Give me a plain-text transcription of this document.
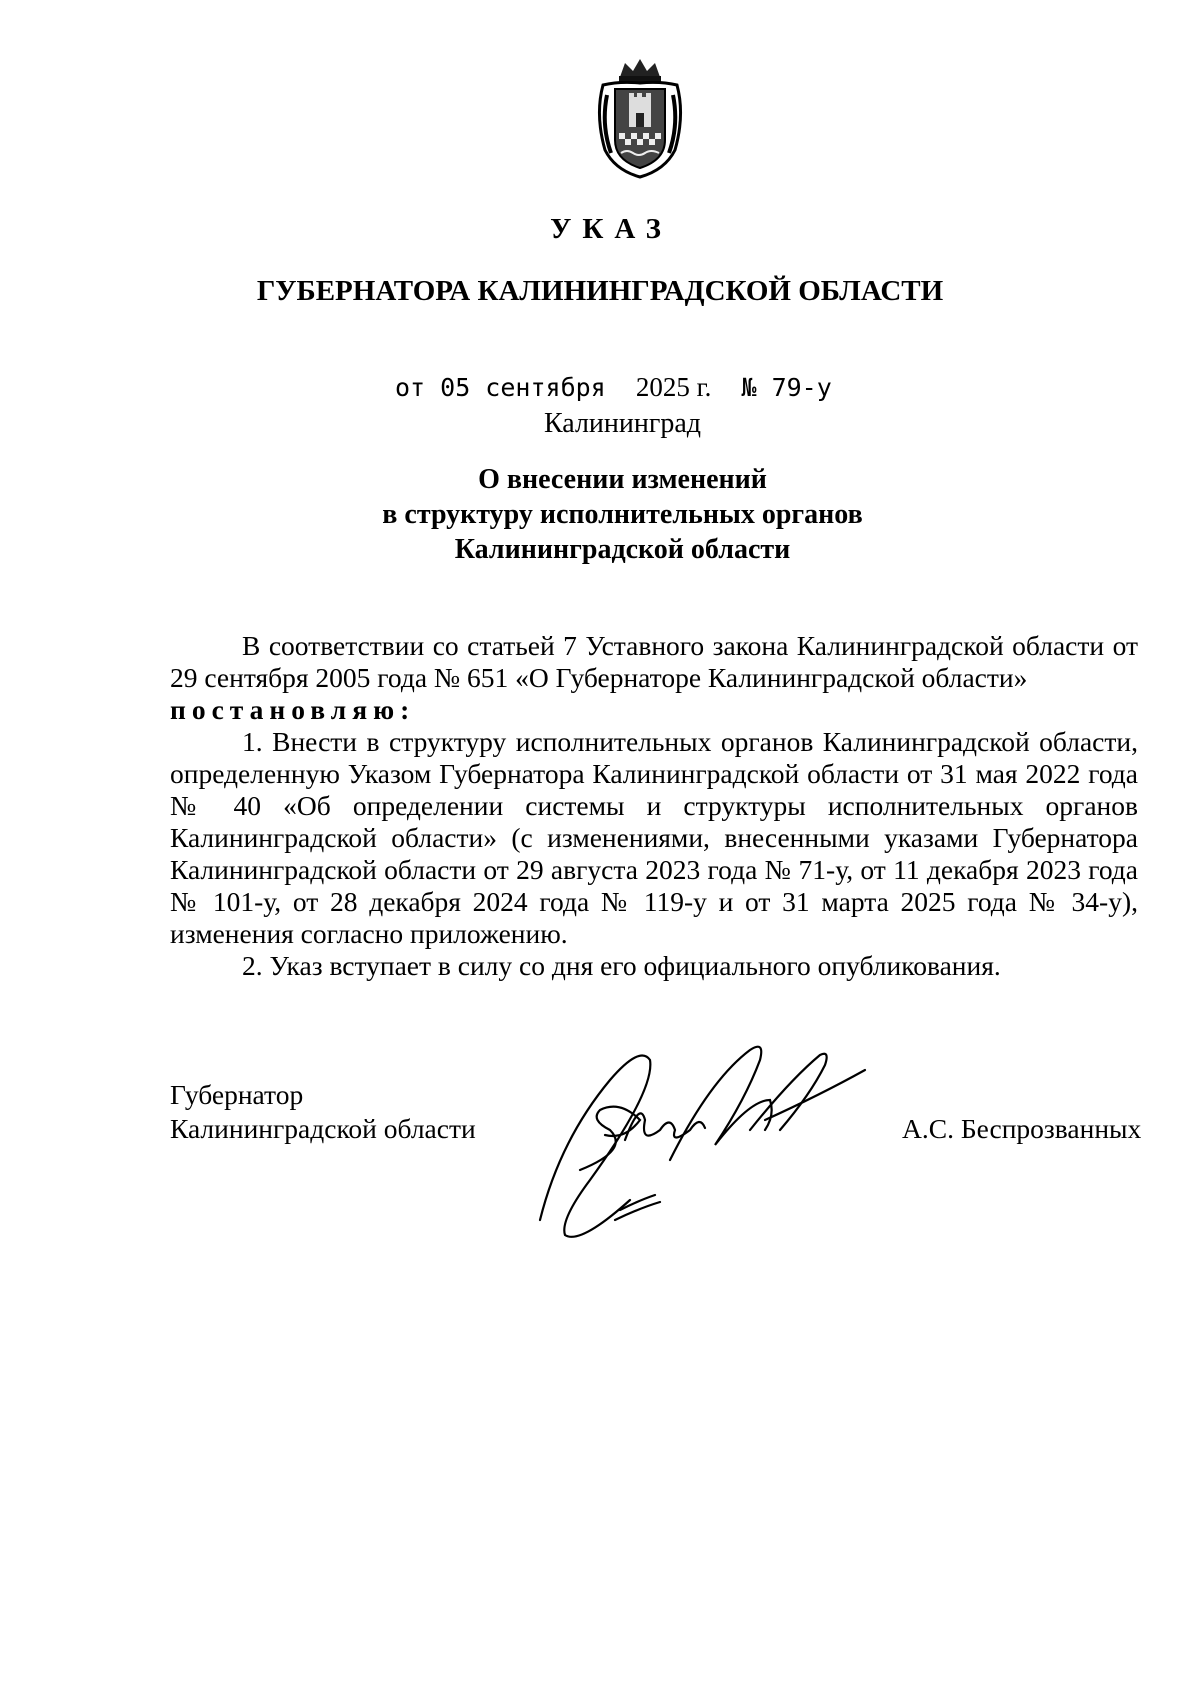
УКАЗ
ГУБЕРНАТОРА КАЛИНИНГРАДСКОЙ ОБЛАСТИ
от 05 сентября 2025 г. № 79-у
Калининград
О внесении изменений
в структуру исполнительных органов
Калининградской области

В соответствии со статьей 7 Уставного закона Калининградской области от 29 сентября 2005 года № 651 «О Губернаторе Калининградской области»
постановляю:

1. Внести в структуру исполнительных органов Калининградской области, определенную Указом Губернатора Калининградской области от 31 мая 2022 года № 40 «Об определении системы и структуры исполнительных органов Калининградской области» (с изменениями, внесенными указами Губернатора Калининградской области от 29 августа 2023 года № 71-у, от 11 декабря 2023 года № 101-у, от 28 декабря 2024 года № 119-у и от 31 марта 2025 года № 34-у), изменения согласно приложению.

2. Указ вступает в силу со дня его официального опубликования.

Губернатор
Калининградской области	А.С. Беспрозванных
